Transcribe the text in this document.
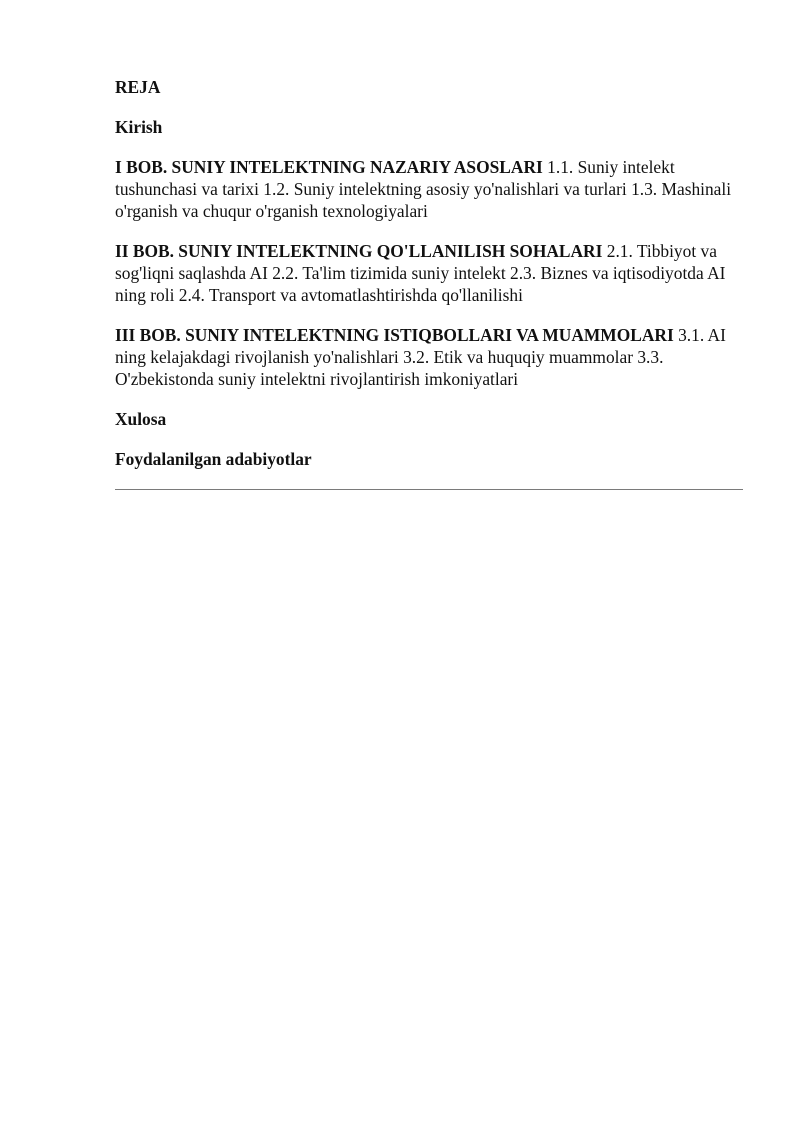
REJA

Kirish

I BOB. SUNIY INTELEKTNING NAZARIY ASOSLARI 1.1. Suniy intelekt tushunchasi va tarixi 1.2. Suniy intelektning asosiy yo'nalishlari va turlari 1.3. Mashinali o'rganish va chuqur o'rganish texnologiyalari

II BOB. SUNIY INTELEKTNING QO'LLANILISH SOHALARI 2.1. Tibbiyot va sog'liqni saqlashda AI 2.2. Ta'lim tizimida suniy intelekt 2.3. Biznes va iqtisodiyotda AI ning roli 2.4. Transport va avtomatlashtirishda qo'llanilishi

III BOB. SUNIY INTELEKTNING ISTIQBOLLARI VA MUAMMOLARI 3.1. AI ning kelajakdagi rivojlanish yo'nalishlari 3.2. Etik va huquqiy muammolar 3.3. O'zbekistonda suniy intelektni rivojlantirish imkoniyatlari

Xulosa

Foydalanilgan adabiyotlar
